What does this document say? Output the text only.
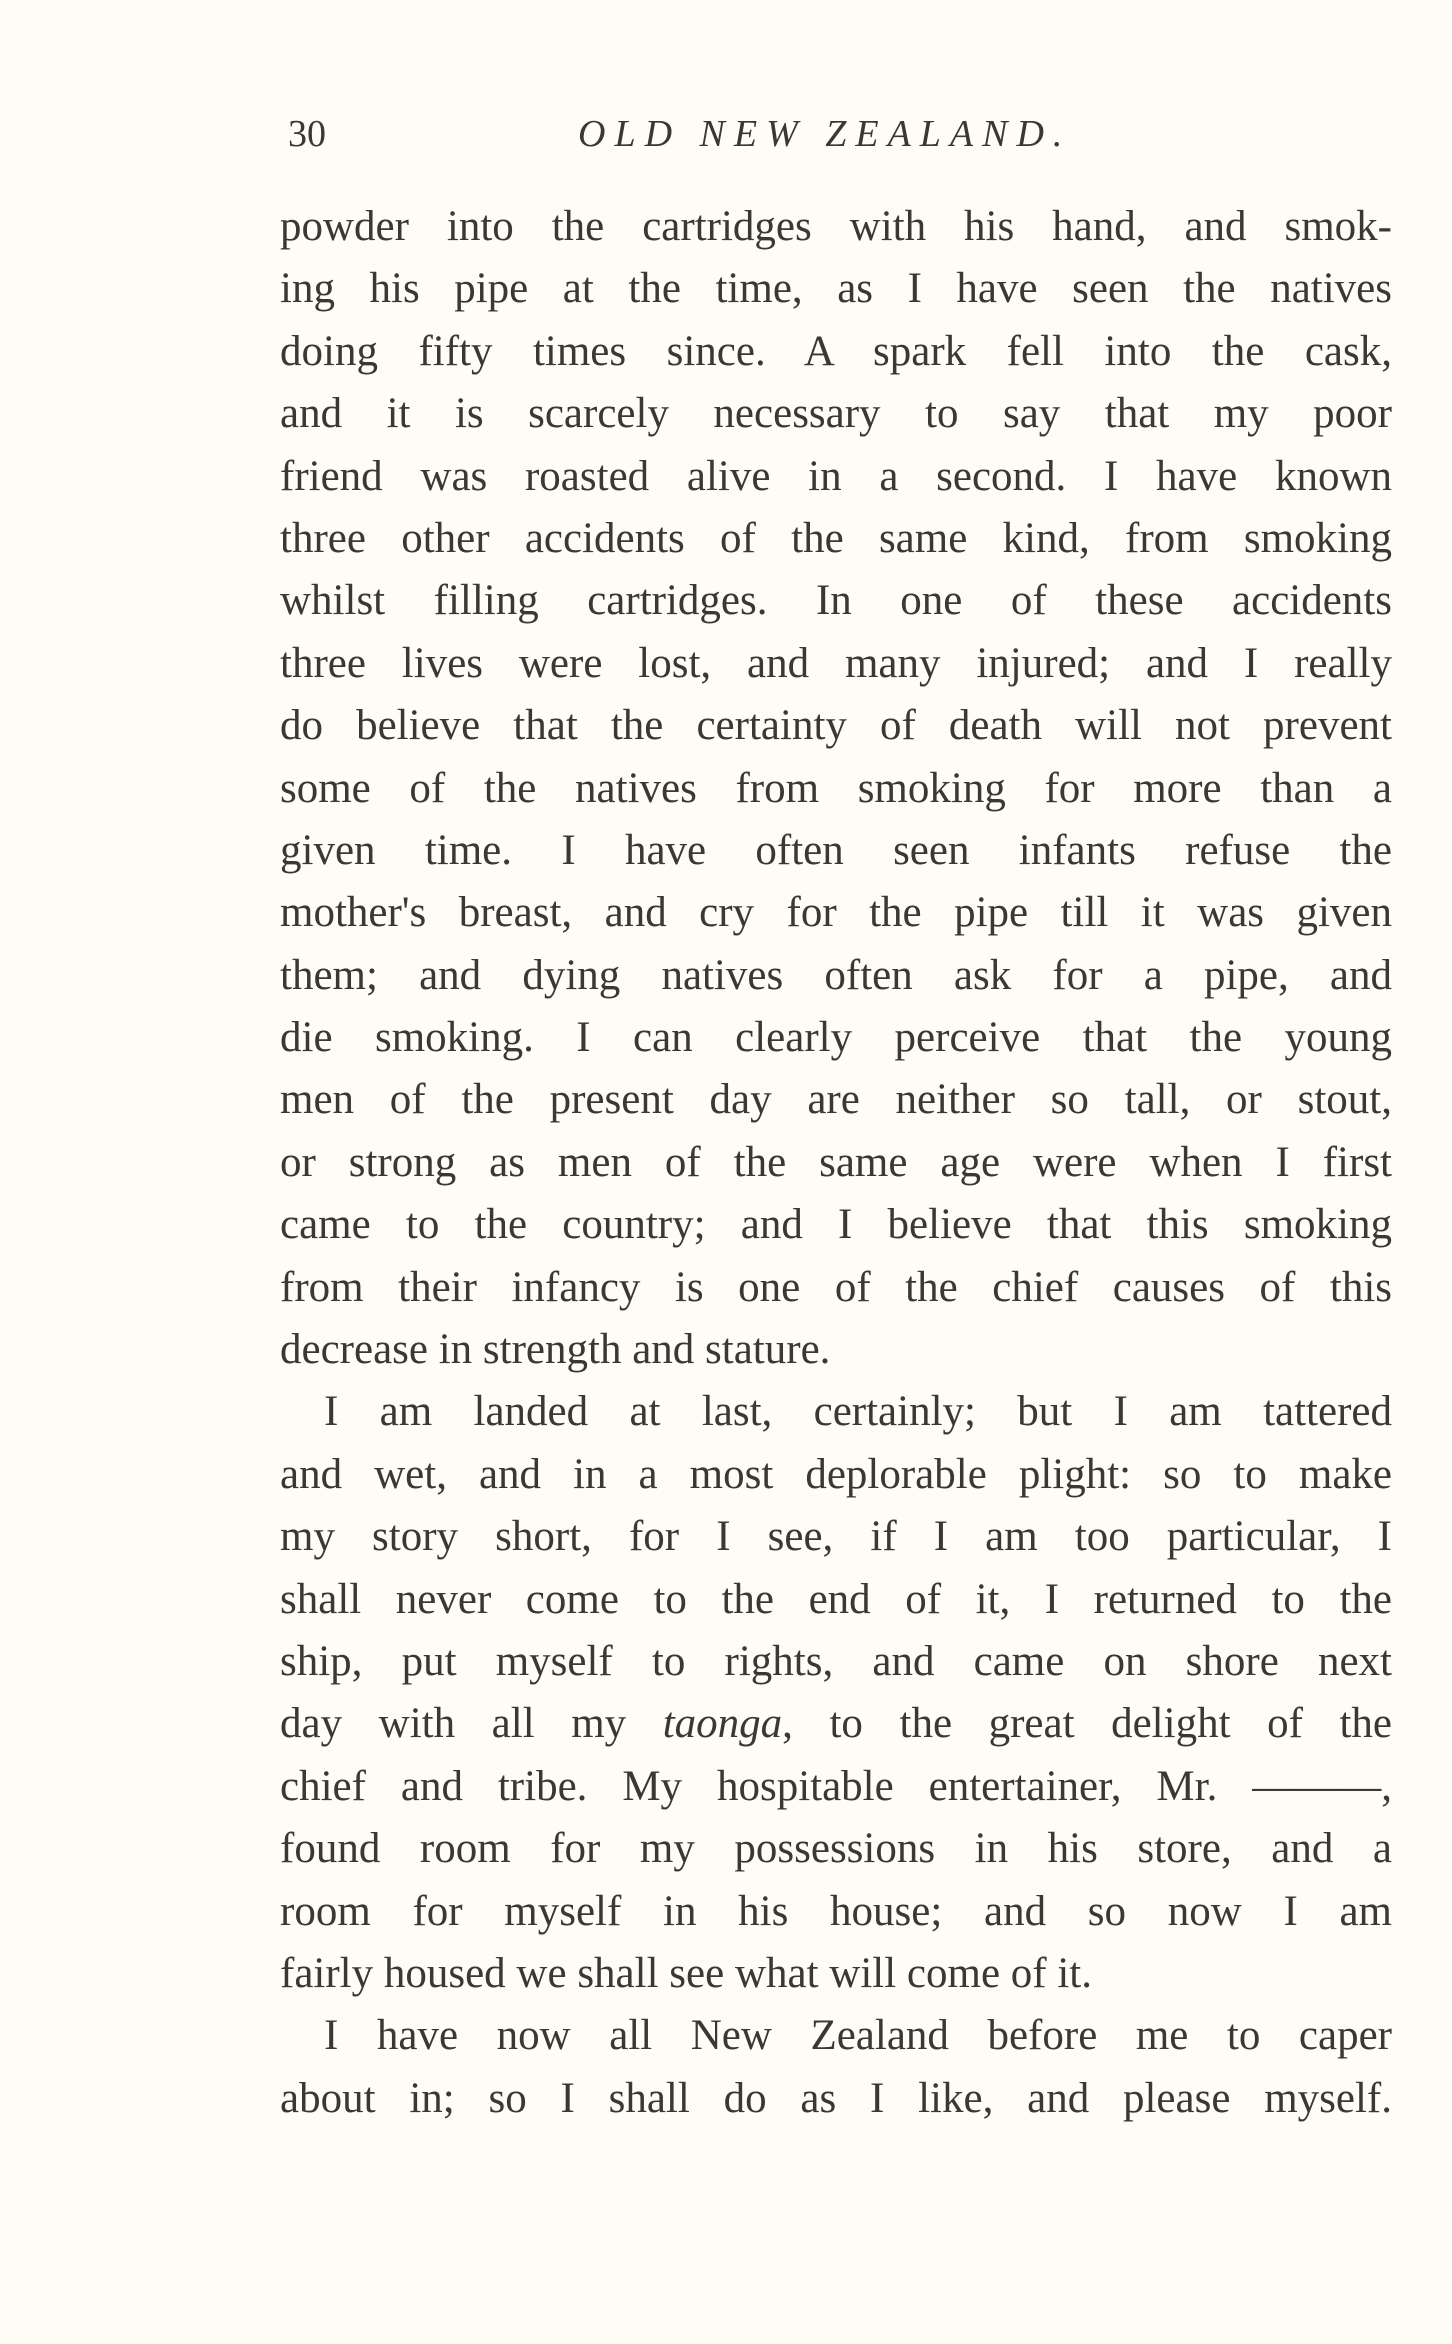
30	OLD NEW ZEALAND.
powder into the cartridges with his hand, and smok-
ing his pipe at the time, as I have seen the natives
doing fifty times since. A spark fell into the cask,
and it is scarcely necessary to say that my poor
friend was roasted alive in a second. I have known
three other accidents of the same kind, from smoking
whilst filling cartridges. In one of these accidents
three lives were lost, and many injured; and I really
do believe that the certainty of death will not prevent
some of the natives from smoking for more than a
given time. I have often seen infants refuse the
mother's breast, and cry for the pipe till it was given
them; and dying natives often ask for a pipe, and
die smoking. I can clearly perceive that the young
men of the present day are neither so tall, or stout,
or strong as men of the same age were when I first
came to the country; and I believe that this smoking
from their infancy is one of the chief causes of this
decrease in strength and stature.
I am landed at last, certainly; but I am tattered
and wet, and in a most deplorable plight: so to make
my story short, for I see, if I am too particular, I
shall never come to the end of it, I returned to the
ship, put myself to rights, and came on shore next
day with all my taonga, to the great delight of the
chief and tribe. My hospitable entertainer, Mr. ———,
found room for my possessions in his store, and a
room for myself in his house; and so now I am
fairly housed we shall see what will come of it.
I have now all New Zealand before me to caper
about in; so I shall do as I like, and please myself.
